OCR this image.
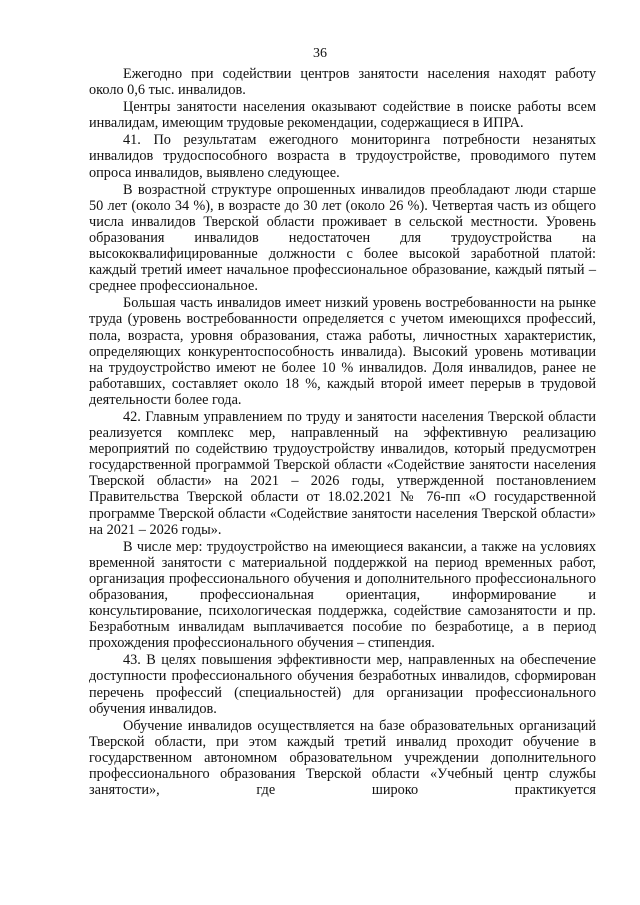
36

Ежегодно при содействии центров занятости населения находят работу около 0,6 тыс. инвалидов.

Центры занятости населения оказывают содействие в поиске работы всем инвалидам, имеющим трудовые рекомендации, содержащиеся в ИПРА.

41. По результатам ежегодного мониторинга потребности незанятых инвалидов трудоспособного возраста в трудоустройстве, проводимого путем опроса инвалидов, выявлено следующее.

В возрастной структуре опрошенных инвалидов преобладают люди старше 50 лет (около 34 %), в возрасте до 30 лет (около 26 %). Четвертая часть из общего числа инвалидов Тверской области проживает в сельской местности. Уровень образования инвалидов недостаточен для трудоустройства на высококвалифицированные должности с более высокой заработной платой: каждый третий имеет начальное профессиональное образование, каждый пятый – среднее профессиональное.

Большая часть инвалидов имеет низкий уровень востребованности на рынке труда (уровень востребованности определяется с учетом имеющихся профессий, пола, возраста, уровня образования, стажа работы, личностных характеристик, определяющих конкурентоспособность инвалида). Высокий уровень мотивации на трудоустройство имеют не более 10 % инвалидов. Доля инвалидов, ранее не работавших, составляет около 18 %, каждый второй имеет перерыв в трудовой деятельности более года.

42. Главным управлением по труду и занятости населения Тверской области реализуется комплекс мер, направленный на эффективную реализацию мероприятий по содействию трудоустройству инвалидов, который предусмотрен государственной программой Тверской области «Содействие занятости населения Тверской области» на 2021 – 2026 годы, утвержденной постановлением Правительства Тверской области от 18.02.2021 № 76-пп «О государственной программе Тверской области «Содействие занятости населения Тверской области» на 2021 – 2026 годы».

В числе мер: трудоустройство на имеющиеся вакансии, а также на условиях временной занятости с материальной поддержкой на период временных работ, организация профессионального обучения и дополнительного профессионального образования, профессиональная ориентация, информирование и консультирование, психологическая поддержка, содействие самозанятости и пр. Безработным инвалидам выплачивается пособие по безработице, а в период прохождения профессионального обучения – стипендия.

43. В целях повышения эффективности мер, направленных на обеспечение доступности профессионального обучения безработных инвалидов, сформирован перечень профессий (специальностей) для организации профессионального обучения инвалидов.

Обучение инвалидов осуществляется на базе образовательных организаций Тверской области, при этом каждый третий инвалид проходит обучение в государственном автономном образовательном учреждении дополнительного профессионального образования Тверской области «Учебный центр службы занятости», где широко практикуется
